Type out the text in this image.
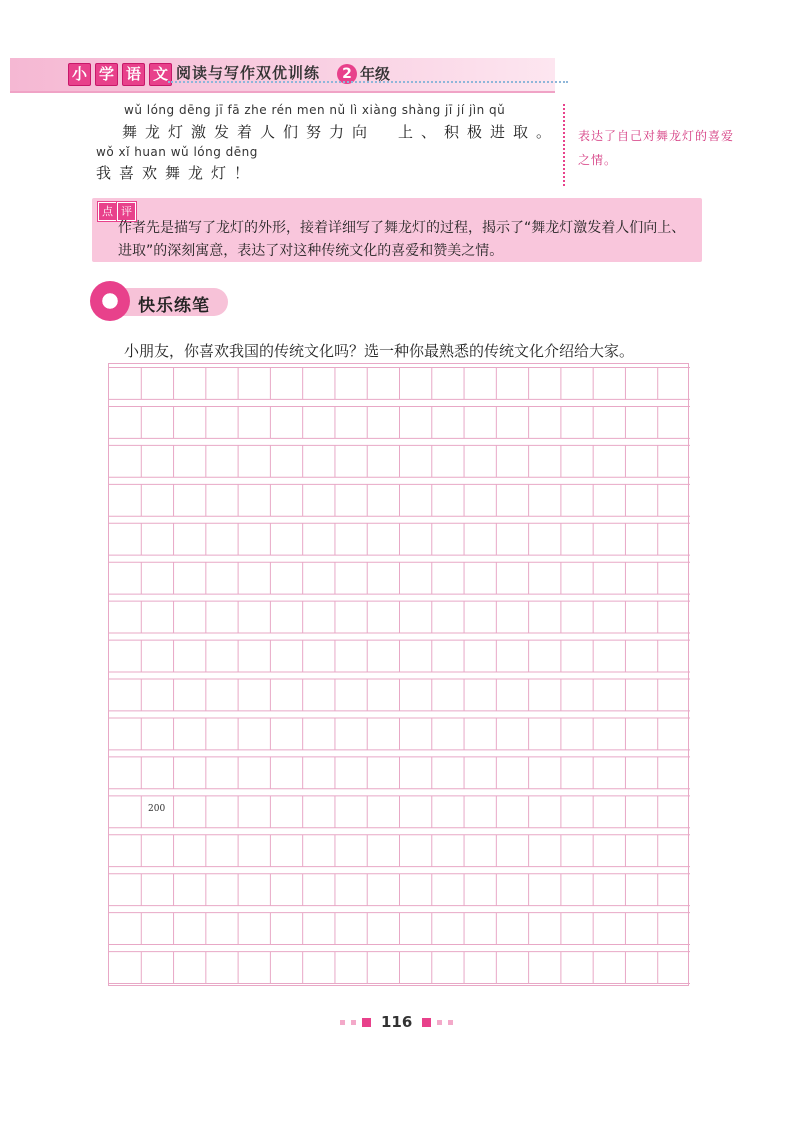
小 学 语 文 阅读与写作双优训练	2 年级
wǔ lóng dēng jī fā zhe rén men nǔ lì xiàng shàng jī jí jìn qǔ
舞龙灯激发着人们努力向　上、积极进取。
wǒ xǐ huan wǔ lóng dēng
我喜欢舞龙灯！
表达了自己对舞龙灯的喜爱之情。
点 评
作者先是描写了龙灯的外形，接着详细写了舞龙灯的过程，揭示了“舞龙灯激发着人们向上、进取”的深刻寓意，表达了对这种传统文化的喜爱和赞美之情。
快乐练笔
小朋友，你喜欢我国的传统文化吗？选一种你最熟悉的传统文化介绍给大家。
200
116
